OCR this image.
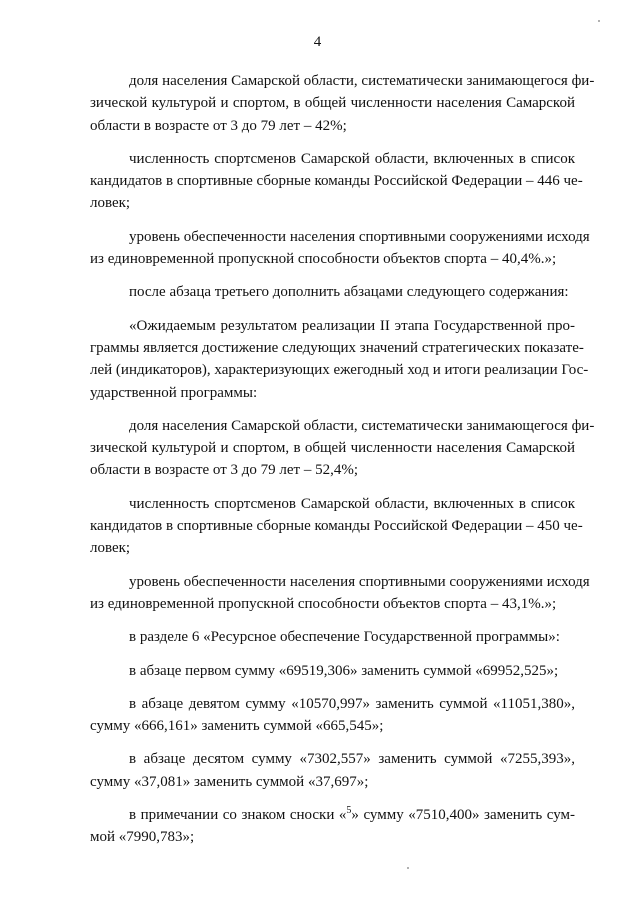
4
доля населения Самарской области, систематически занимающегося фи-
зической культурой и спортом, в общей численности населения Самарской
области в возрасте от 3 до 79 лет – 42%;
численность спортсменов Самарской области, включенных в список
кандидатов в спортивные сборные команды Российской Федерации – 446 че-
ловек;
уровень обеспеченности населения спортивными сооружениями исходя
из единовременной пропускной способности объектов спорта – 40,4%.»;
после абзаца третьего дополнить абзацами следующего содержания:
«Ожидаемым результатом реализации II этапа Государственной про-
граммы является достижение следующих значений стратегических показате-
лей (индикаторов), характеризующих ежегодный ход и итоги реализации Гос-
ударственной программы:
доля населения Самарской области, систематически занимающегося фи-
зической культурой и спортом, в общей численности населения Самарской
области в возрасте от 3 до 79 лет – 52,4%;
численность спортсменов Самарской области, включенных в список
кандидатов в спортивные сборные команды Российской Федерации – 450 че-
ловек;
уровень обеспеченности населения спортивными сооружениями исходя
из единовременной пропускной способности объектов спорта – 43,1%.»;
в разделе 6 «Ресурсное обеспечение Государственной программы»:
в абзаце первом сумму «69519,306» заменить суммой «69952,525»;
в абзаце девятом сумму «10570,997» заменить суммой «11051,380»,
сумму «666,161» заменить суммой «665,545»;
в абзаце десятом сумму «7302,557» заменить суммой «7255,393»,
сумму «37,081» заменить суммой «37,697»;
в примечании со знаком сноски «$^5$» сумму «7510,400» заменить сум-
мой «7990,783»;
